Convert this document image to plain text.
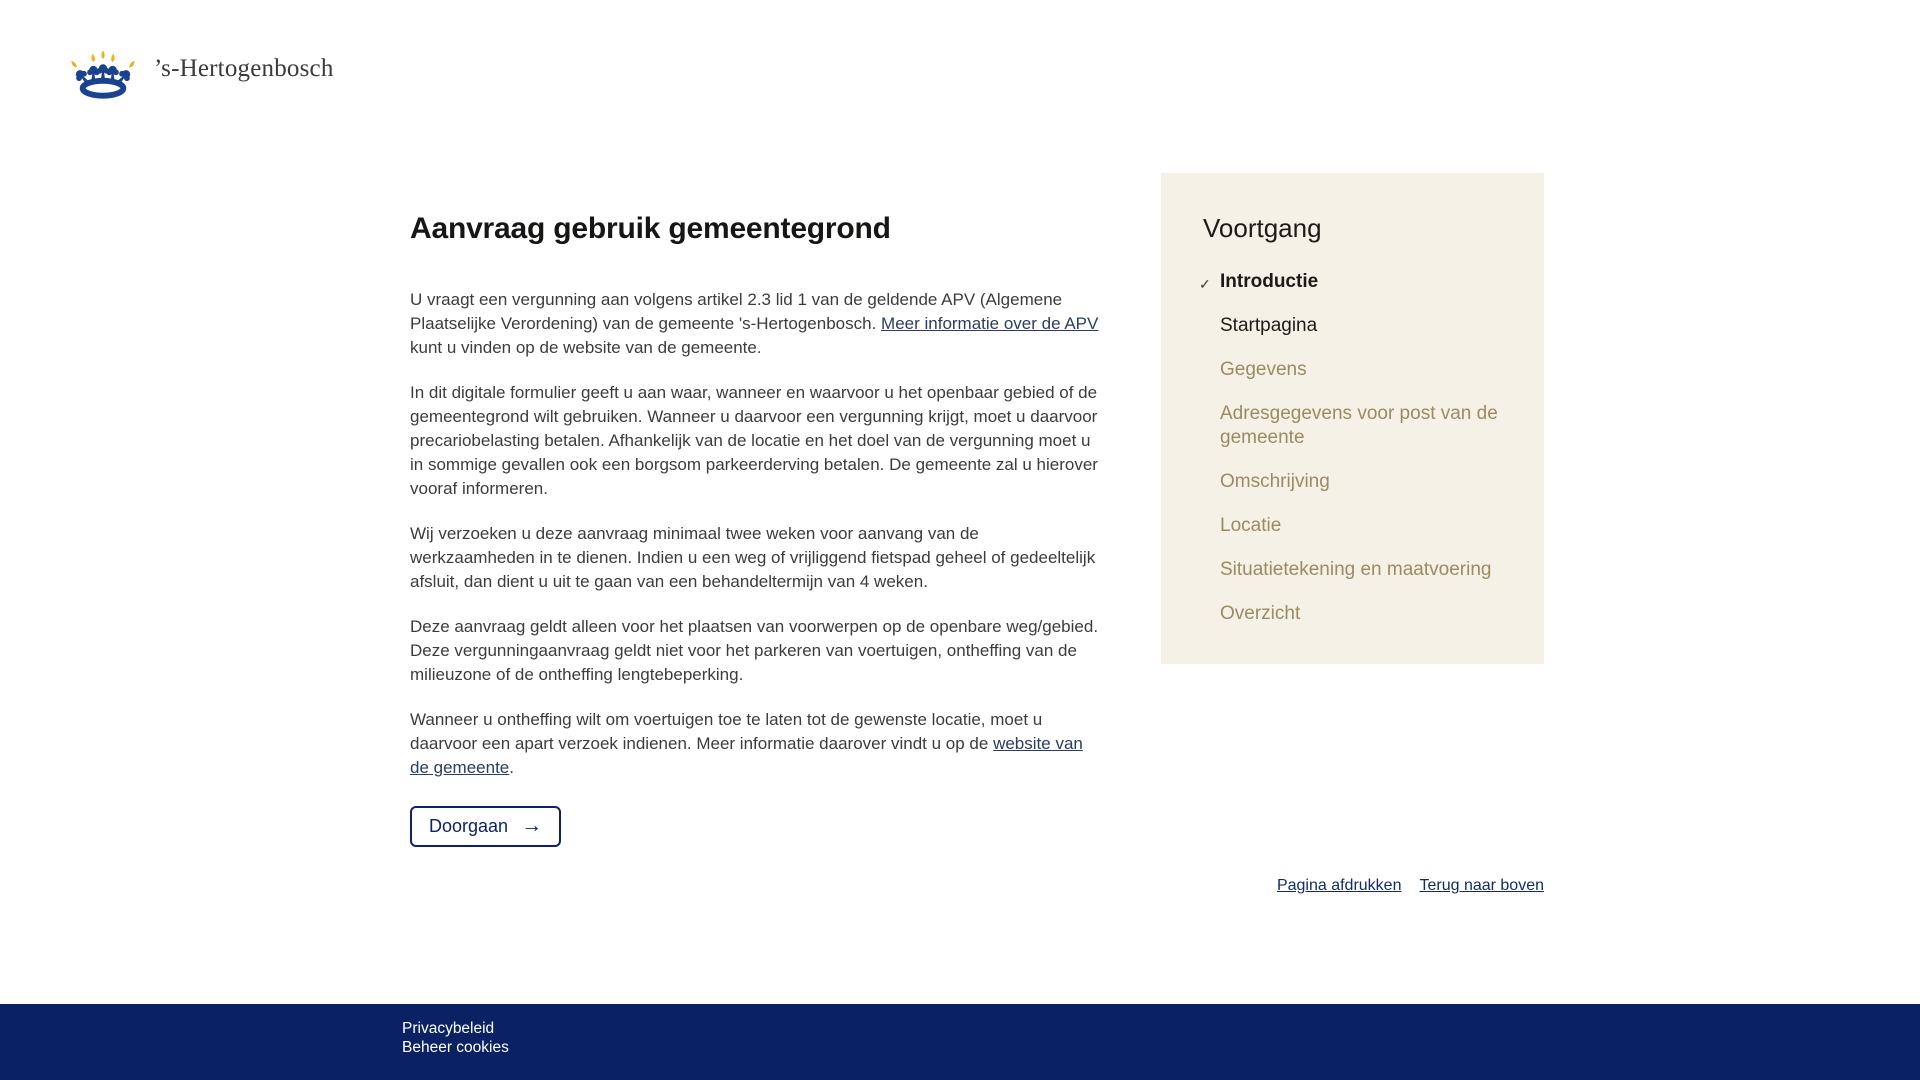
’s-Hertogenbosch
Aanvraag gebruik gemeentegrond

U vraagt een vergunning aan volgens artikel 2.3 lid 1 van de geldende APV (Algemene Plaatselijke Verordening) van de gemeente 's-Hertogenbosch. Meer informatie over de APV kunt u vinden op de website van de gemeente.

In dit digitale formulier geeft u aan waar, wanneer en waarvoor u het openbaar gebied of de gemeentegrond wilt gebruiken. Wanneer u daarvoor een vergunning krijgt, moet u daarvoor precariobelasting betalen. Afhankelijk van de locatie en het doel van de vergunning moet u in sommige gevallen ook een borgsom parkeerderving betalen. De gemeente zal u hierover vooraf informeren.

Wij verzoeken u deze aanvraag minimaal twee weken voor aanvang van de werkzaamheden in te dienen. Indien u een weg of vrijliggend fietspad geheel of gedeeltelijk afsluit, dan dient u uit te gaan van een behandeltermijn van 4 weken.

Deze aanvraag geldt alleen voor het plaatsen van voorwerpen op de openbare weg/gebied. Deze vergunningaanvraag geldt niet voor het parkeren van voertuigen, ontheffing van de milieuzone of de ontheffing lengtebeperking.

Wanneer u ontheffing wilt om voertuigen toe te laten tot de gewenste locatie, moet u daarvoor een apart verzoek indienen. Meer informatie daarover vindt u op de website van de gemeente.

Doorgaan →
Voortgang
✓ Introductie
Startpagina
Gegevens
Adresgegevens voor post van de gemeente
Omschrijving
Locatie
Situatietekening en maatvoering
Overzicht
Pagina afdrukken Terug naar boven
Privacybeleid
Beheer cookies
